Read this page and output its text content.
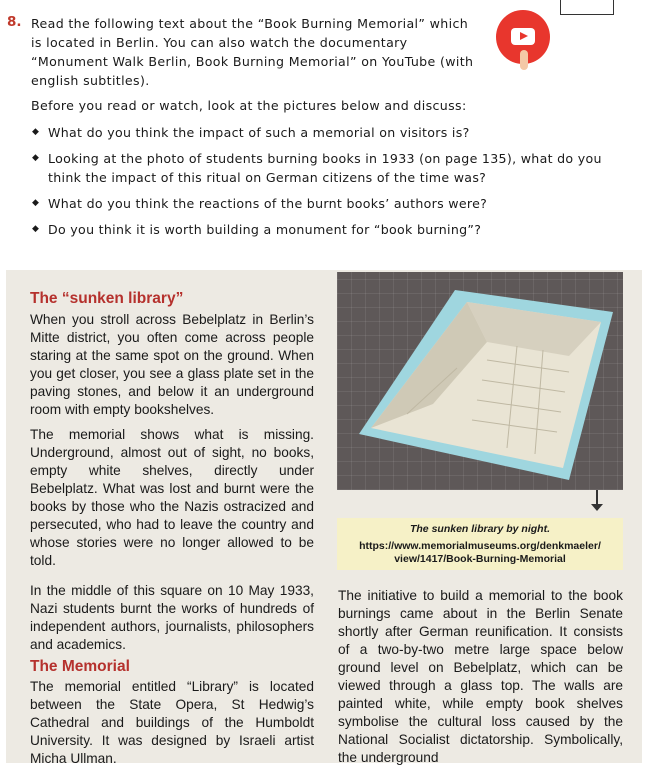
8. Read the following text about the “Book Burning Memorial” which is located in Berlin. You can also watch the documentary “Monument Walk Berlin, Book Burning Memorial” on YouTube (with english subtitles).
Before you read or watch, look at the pictures below and discuss:
◆ What do you think the impact of such a memorial on visitors is?
◆ Looking at the photo of students burning books in 1933 (on page 135), what do you think the impact of this ritual on German citizens of the time was?
◆ What do you think the reactions of the burnt books’ authors were?
◆ Do you think it is worth building a monument for “book burning”?
The “sunken library”

When you stroll across Bebelplatz in Berlin’s Mitte district, you often come across people staring at the same spot on the ground. When you get closer, you see a glass plate set in the paving stones, and below it an underground room with empty bookshelves.

The memorial shows what is missing. Underground, almost out of sight, no books, empty white shelves, directly under Bebelplatz. What was lost and burnt were the books by those who the Nazis ostracized and persecuted, who had to leave the country and whose stories were no longer allowed to be told.

In the middle of this square on 10 May 1933, Nazi students burnt the works of hundreds of independent authors, journalists, philosophers and academics.

The Memorial

The memorial entitled “Library” is located between the State Opera, St Hedwig’s Cathedral and buildings of the Humboldt University. It was designed by Israeli artist Micha Ullman.

The sunken library by night.
https://www.memorialmuseums.org/denkmaeler/
view/1417/Book-Burning-Memorial
The initiative to build a memorial to the book burnings came about in the Berlin Senate shortly after German reunification. It consists of a two-by-two metre large space below ground level on Bebelplatz, which can be viewed through a glass top. The walls are painted white, while empty book shelves symbolise the cultural loss caused by the National Socialist dictatorship. Symbolically, the underground
